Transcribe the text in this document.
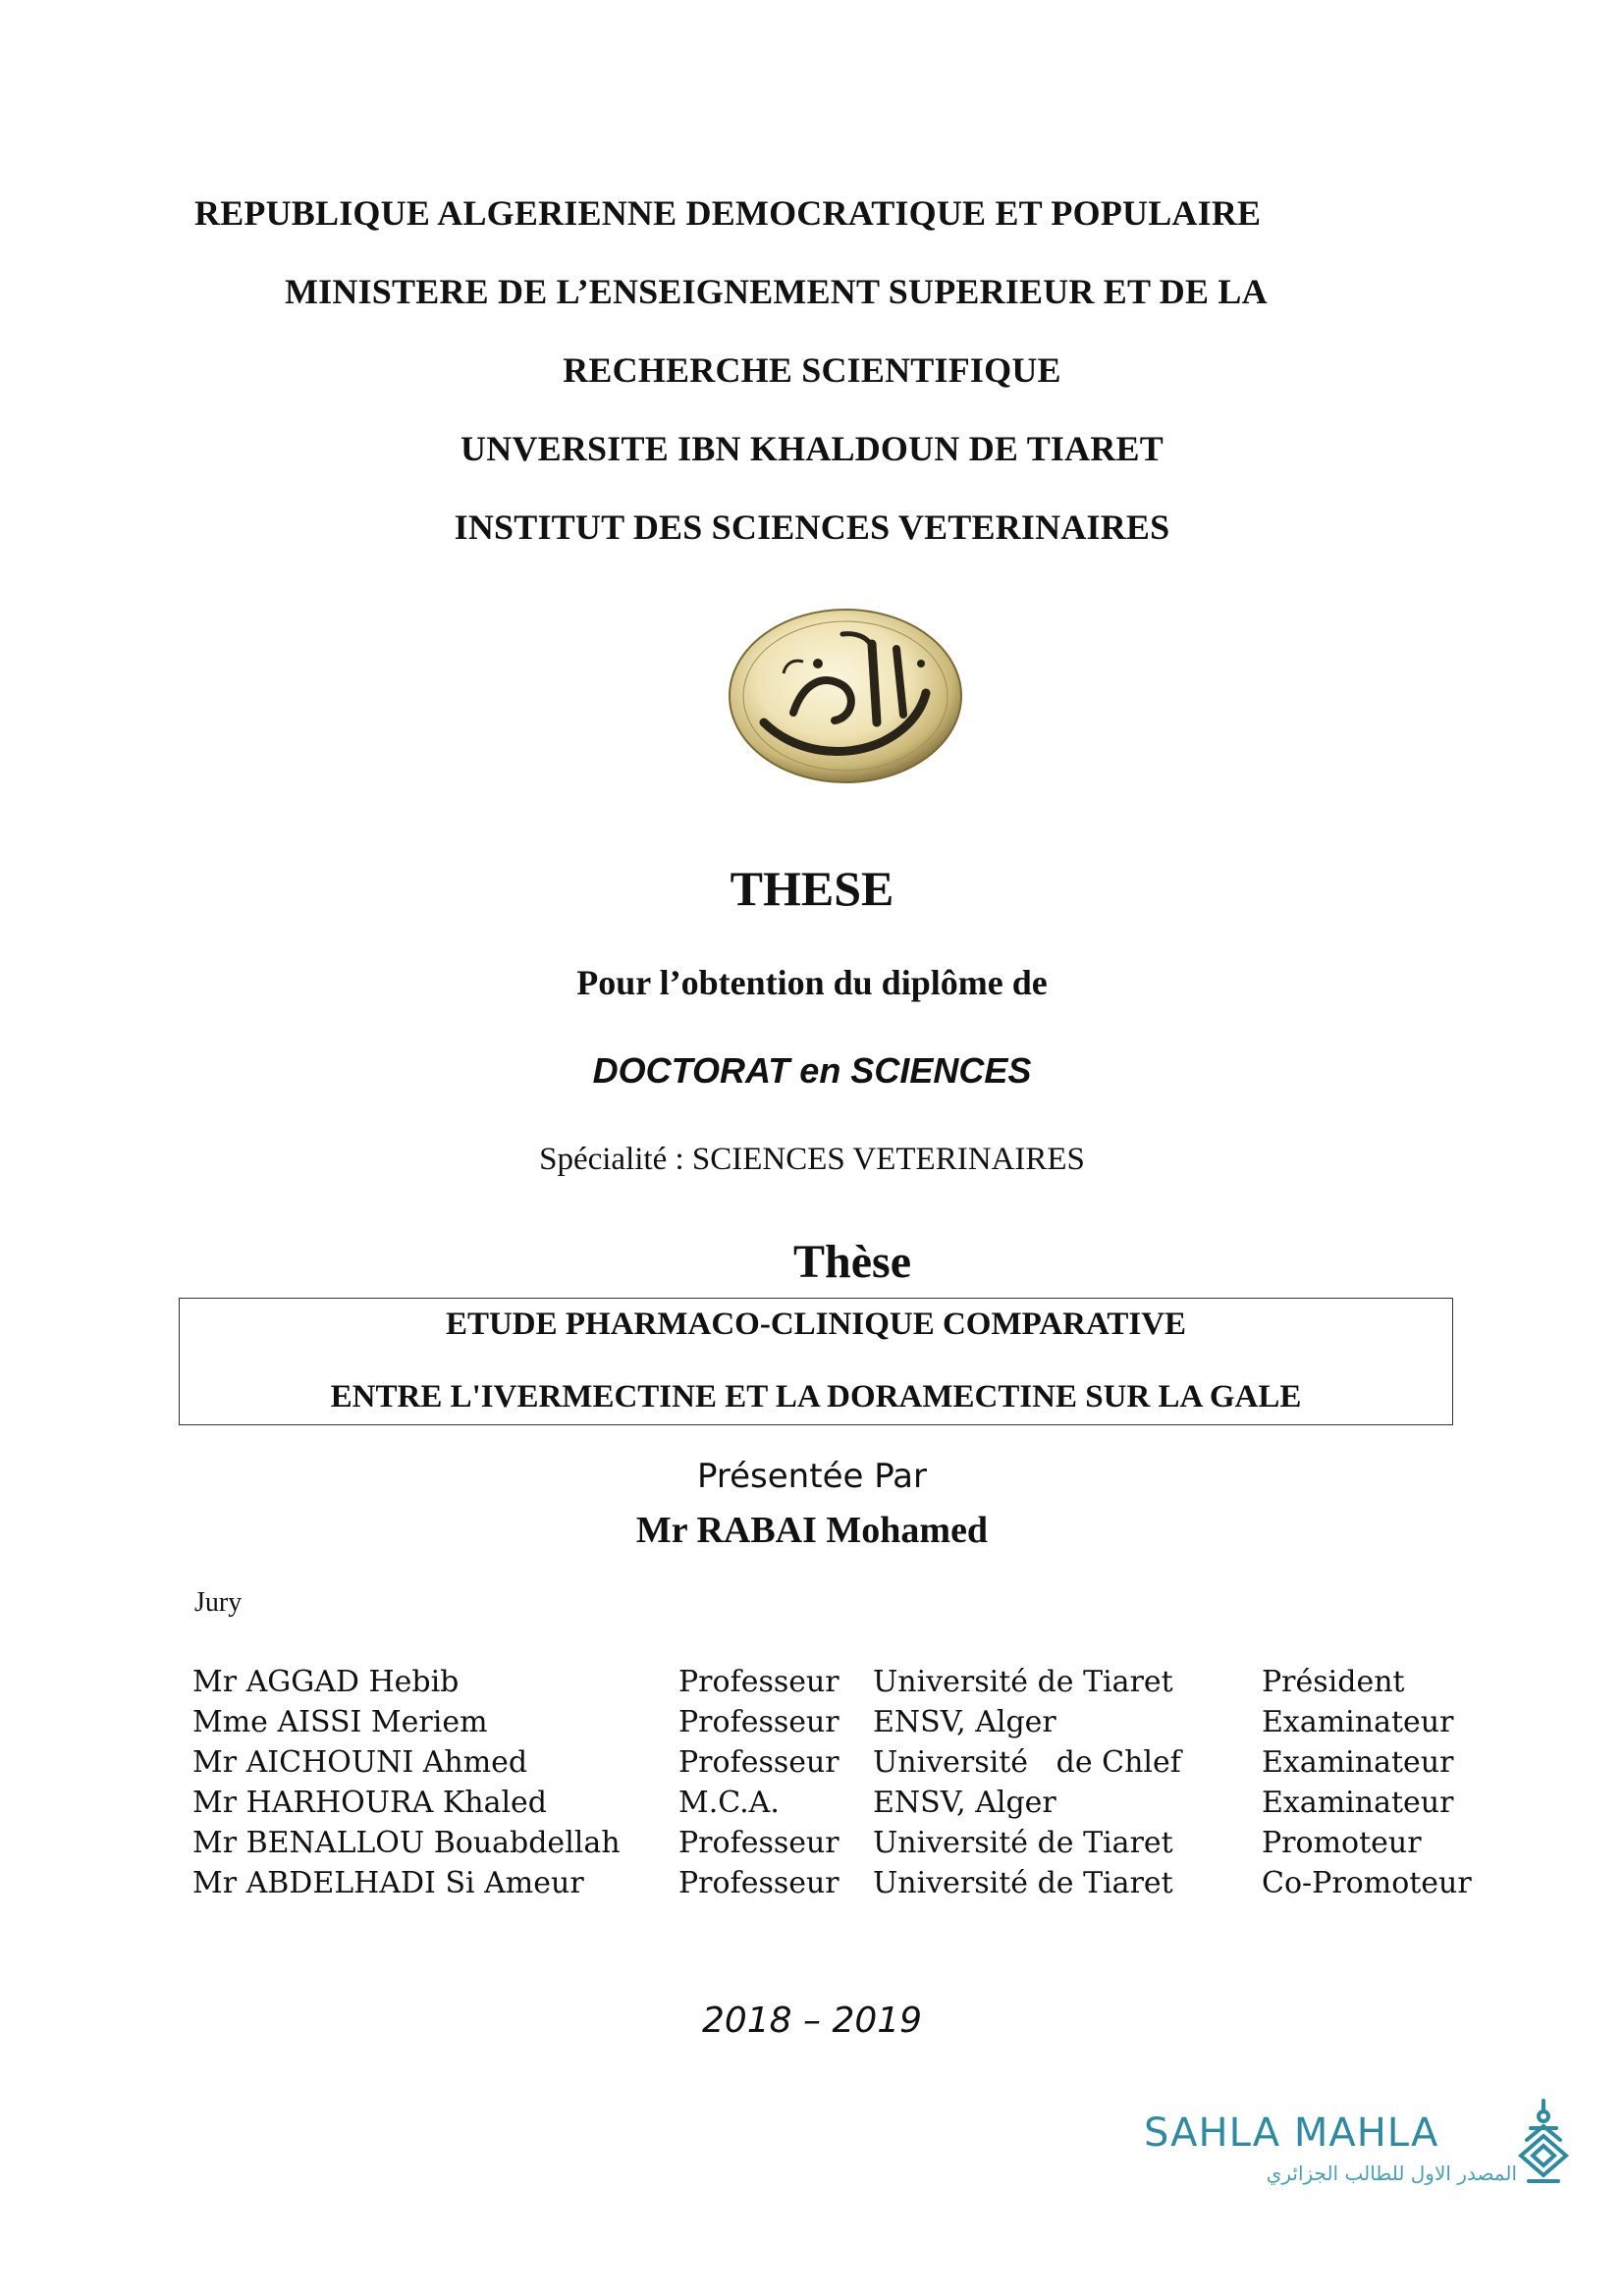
REPUBLIQUE ALGERIENNE DEMOCRATIQUE ET POPULAIRE
MINISTERE DE L’ENSEIGNEMENT SUPERIEUR ET DE LA
RECHERCHE SCIENTIFIQUE
UNVERSITE IBN KHALDOUN DE TIARET
INSTITUT DES SCIENCES VETERINAIRES
THESE
Pour l’obtention du diplôme de
DOCTORAT en SCIENCES
Spécialité : SCIENCES VETERINAIRES
Thèse
ETUDE PHARMACO-CLINIQUE COMPARATIVE
ENTRE L'IVERMECTINE ET LA DORAMECTINE SUR LA GALE
Présentée Par
Mr RABAI Mohamed
Jury
Mr AGGAD Hebib	Professeur	Université de Tiaret	Président
Mme AISSI Meriem	Professeur	ENSV, Alger	Examinateur
Mr AICHOUNI Ahmed	Professeur	Université   de Chlef	Examinateur
Mr HARHOURA Khaled	M.C.A.	ENSV, Alger	Examinateur
Mr BENALLOU Bouabdellah	Professeur	Université de Tiaret	Promoteur
Mr ABDELHADI Si Ameur	Professeur	Université de Tiaret	Co-Promoteur
2018 – 2019
SAHLA MAHLA
المصدر الاول للطالب الجزائري
